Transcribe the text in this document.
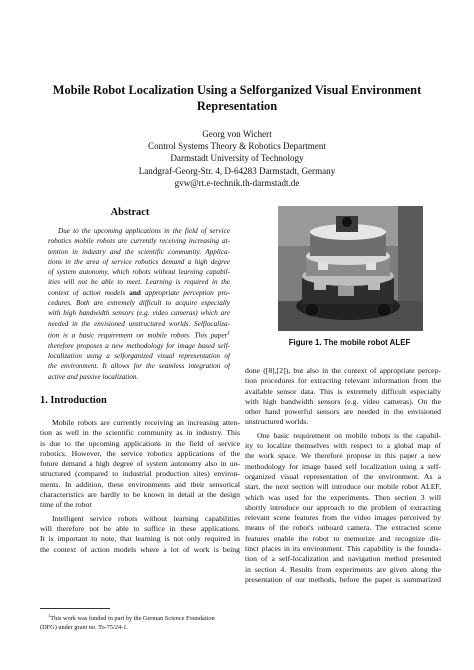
Mobile Robot Localization Using a Selforganized Visual Environment
Representation
Georg von Wichert
Control Systems Theory & Robotics Department
Darmstadt University of Technology
Landgraf-Georg-Str. 4, D-64283 Darmstadt, Germany
gvw@rt.e-technik.th-darmstadt.de
Abstract
Due to the upcoming applications in the field of service
robotics mobile robots are currently receiving increasing at-
tention in industry and the scientific community. Applica-
tions in the area of service robotics demand a high degree
of system autonomy, which robots without learning capabil-
ities will not be able to meet. Learning is required in the
context of action models and appropriate perception pro-
cedures. Both are extremely difficult to acquire especially
with high bandwidth sensors (e.g. video cameras) which are
needed in the envisioned unstructured worlds. Selflocaliza-
tion is a basic requirement on mobile robots. This paper$^1$
therefore proposes a new methodology for image based self-
localization using a selforganized visual representation of
the environment. It allows for the seamless integration of
active and passive localization.
1. Introduction
Mobile robots are currently receiving an increasing atten-
tion as well in the scientific community as in industry. This
is due to the upcoming applications in the field of service
robotics. However, the service robotics applications of the
future demand a high degree of system autonomy also in un-
structured (compared to industrial production sites) environ-
ments. In addition, these environments and their sensorical
characteristics are hardly to be known in detail at the design
time of the robot
Intelligent service robots without learning capabilities
will therefore not be able to suffice in these applications.
It is important to note, that learning is not only required in
the context of action models where a lot of work is being
$^1$This work was funded in part by the German Science Foundation
(DFG) under grant no. To-75/24-1.
Figure 1. The mobile robot ALEF
done ([8],[2]), but also in the context of appropriate percep-
tion procedures for extracting relevant information from the
available sensor data. This is extremely difficult especially
with high bandwidth sensors (e.g. video cameras). On the
other hand powerful sensors are needed in the envisioned
unstructured worlds.
One basic requirement on mobile robots is the capabil-
ity to localize themselves with respect to a global map of
the work space. We therefore propose in this paper a new
methodology for image based self localization using a self-
organized visual representation of the environment. As a
start, the next section will introduce our mobile robot ALEF,
which was used for the experiments. Then section 3 will
shortly introduce our approach to the problem of extracting
relevant scene features from the video images perceived by
means of the robot's onboard camera. The extracted scene
features enable the robot to memorize and recognize dis-
tinct places in its environment. This capability is the founda-
tion of a self-localization and navigation method presented
in section 4. Results from experiments are given along the
presentation of our methods, before the paper is summarized
